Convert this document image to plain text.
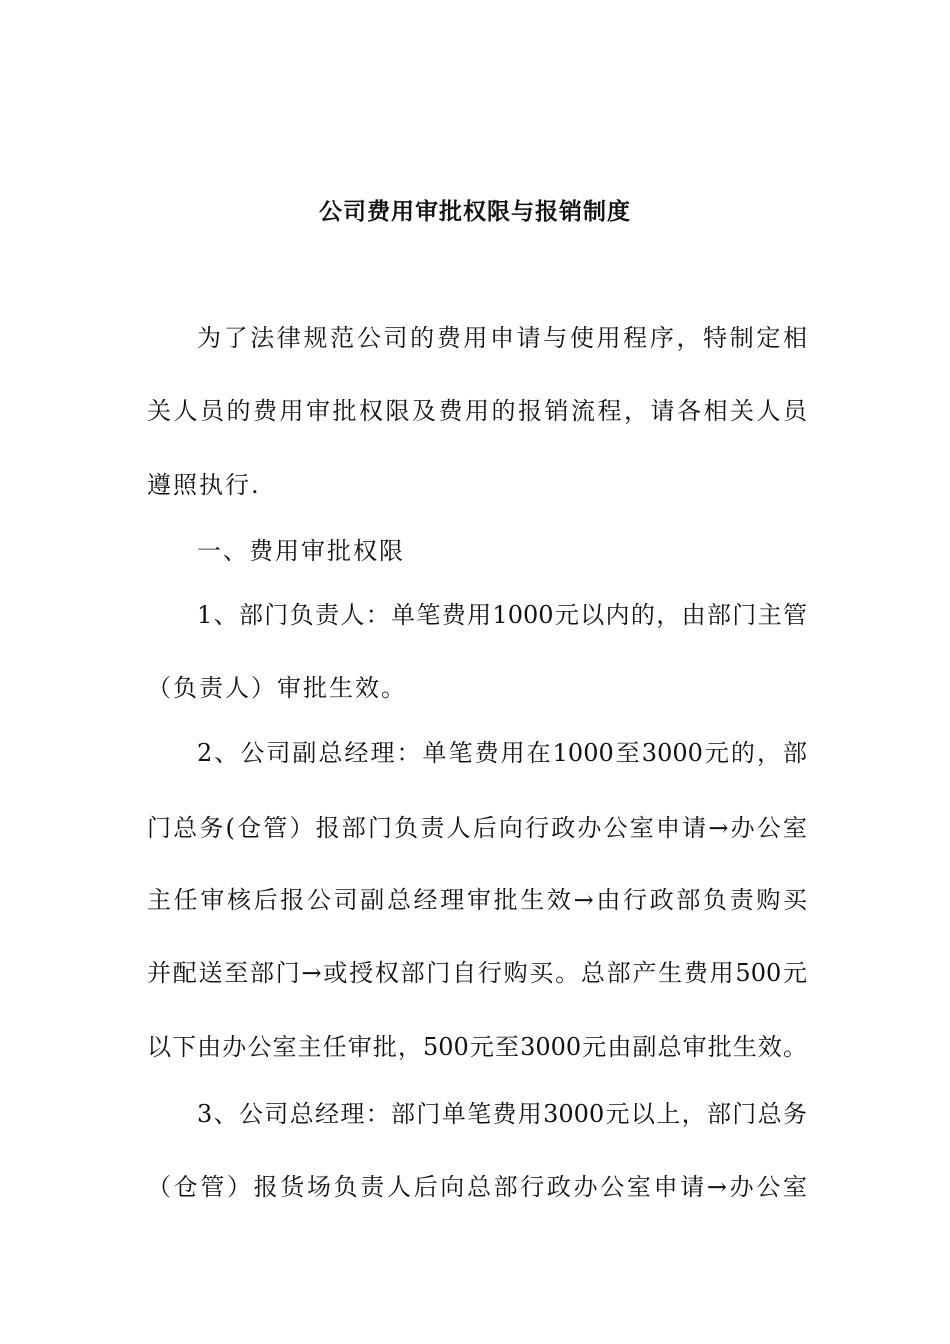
公司费用审批权限与报销制度
为了法律规范公司的费用申请与使用程序，特制定相
关人员的费用审批权限及费用的报销流程，请各相关人员
遵照执行.
一、费用审批权限
1、部门负责人：单笔费用1000元以内的，由部门主管
（负责人）审批生效。
2、公司副总经理：单笔费用在1000至3000元的，部
门总务(仓管）报部门负责人后向行政办公室申请→办公室
主任审核后报公司副总经理审批生效→由行政部负责购买
并配送至部门→或授权部门自行购买。总部产生费用500元
以下由办公室主任审批，500元至3000元由副总审批生效。
3、公司总经理：部门单笔费用3000元以上，部门总务
（仓管）报货场负责人后向总部行政办公室申请→办公室
